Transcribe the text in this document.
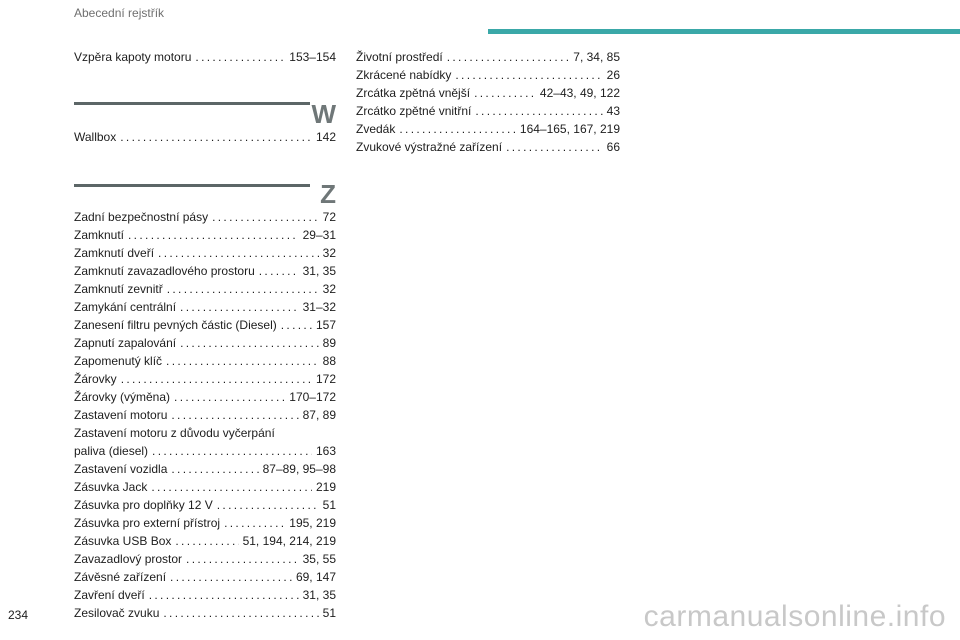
Abecední rejstřík
Vzpěra kapoty motoru . . .	153–154
W
Wallbox . . .	142
Z
Zadní bezpečnostní pásy . . .	72
Zamknutí . . .	29–31
Zamknutí dveří . . .	32
Zamknutí zavazadlového prostoru . . .	31, 35
Zamknutí zevnitř . . .	32
Zamykání centrální . . .	31–32
Zanesení filtru pevných částic (Diesel) . . .	157
Zapnutí zapalování . . .	89
Zapomenutý klíč . . .	88
Žárovky . . .	172
Žárovky (výměna) . . .	170–172
Zastavení motoru . . .	87, 89
Zastavení motoru z důvodu vyčerpání
paliva (diesel) . . .	163
Zastavení vozidla . . .	87–89, 95–98
Zásuvka Jack . . .	219
Zásuvka pro doplňky 12 V . . .	51
Zásuvka pro externí přístroj . . .	195, 219
Zásuvka USB Box . . .	51, 194, 214, 219
Zavazadlový prostor . . .	35, 55
Závěsné zařízení . . .	69, 147
Zavření dveří . . .	31, 35
Zesilovač zvuku . . .	51
Životní prostředí . . .	7, 34, 85
Zkrácené nabídky . . .	26
Zrcátka zpětná vnější . . .	42–43, 49, 122
Zrcátko zpětné vnitřní . . .	43
Zvedák . . .	164–165, 167, 219
Zvukové výstražné zařízení . . .	66
234	carmanualsonline.info
